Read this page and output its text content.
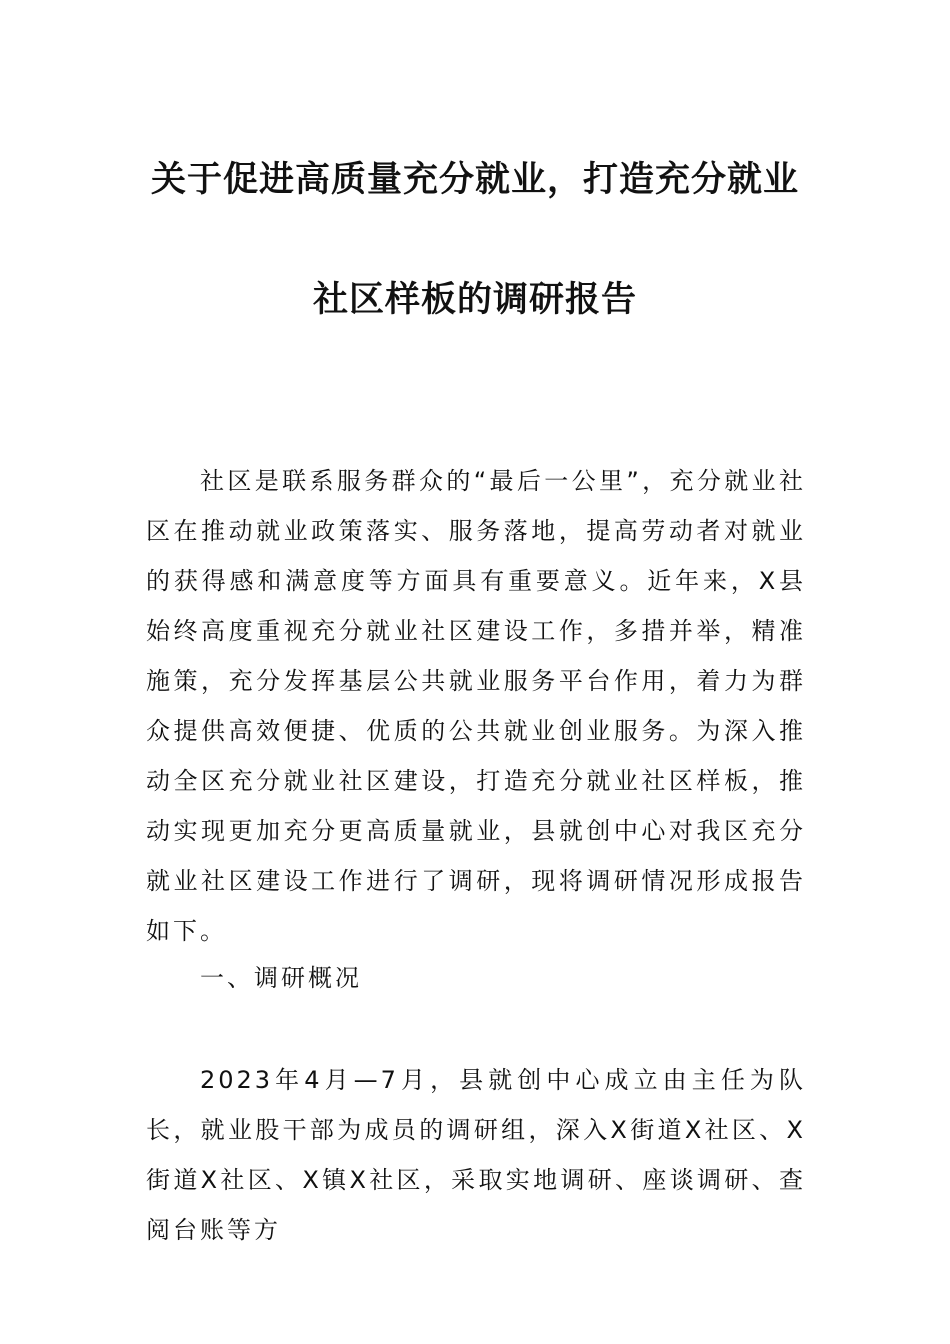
关于促进高质量充分就业，打造充分就业
社区样板的调研报告
社区是联系服务群众的“最后一公里”，充分就业社区在推动就业政策落实、服务落地，提高劳动者对就业的获得感和满意度等方面具有重要意义。近年来，X县始终高度重视充分就业社区建设工作，多措并举，精准施策，充分发挥基层公共就业服务平台作用，着力为群众提供高效便捷、优质的公共就业创业服务。为深入推动全区充分就业社区建设，打造充分就业社区样板，推动实现更加充分更高质量就业，县就创中心对我区充分就业社区建设工作进行了调研，现将调研情况形成报告如下。
一、调研概况
2023年4月—7月，县就创中心成立由主任为队长，就业股干部为成员的调研组，深入X街道X社区、X街道X社区、X镇X社区，采取实地调研、座谈调研、查阅台账等方
